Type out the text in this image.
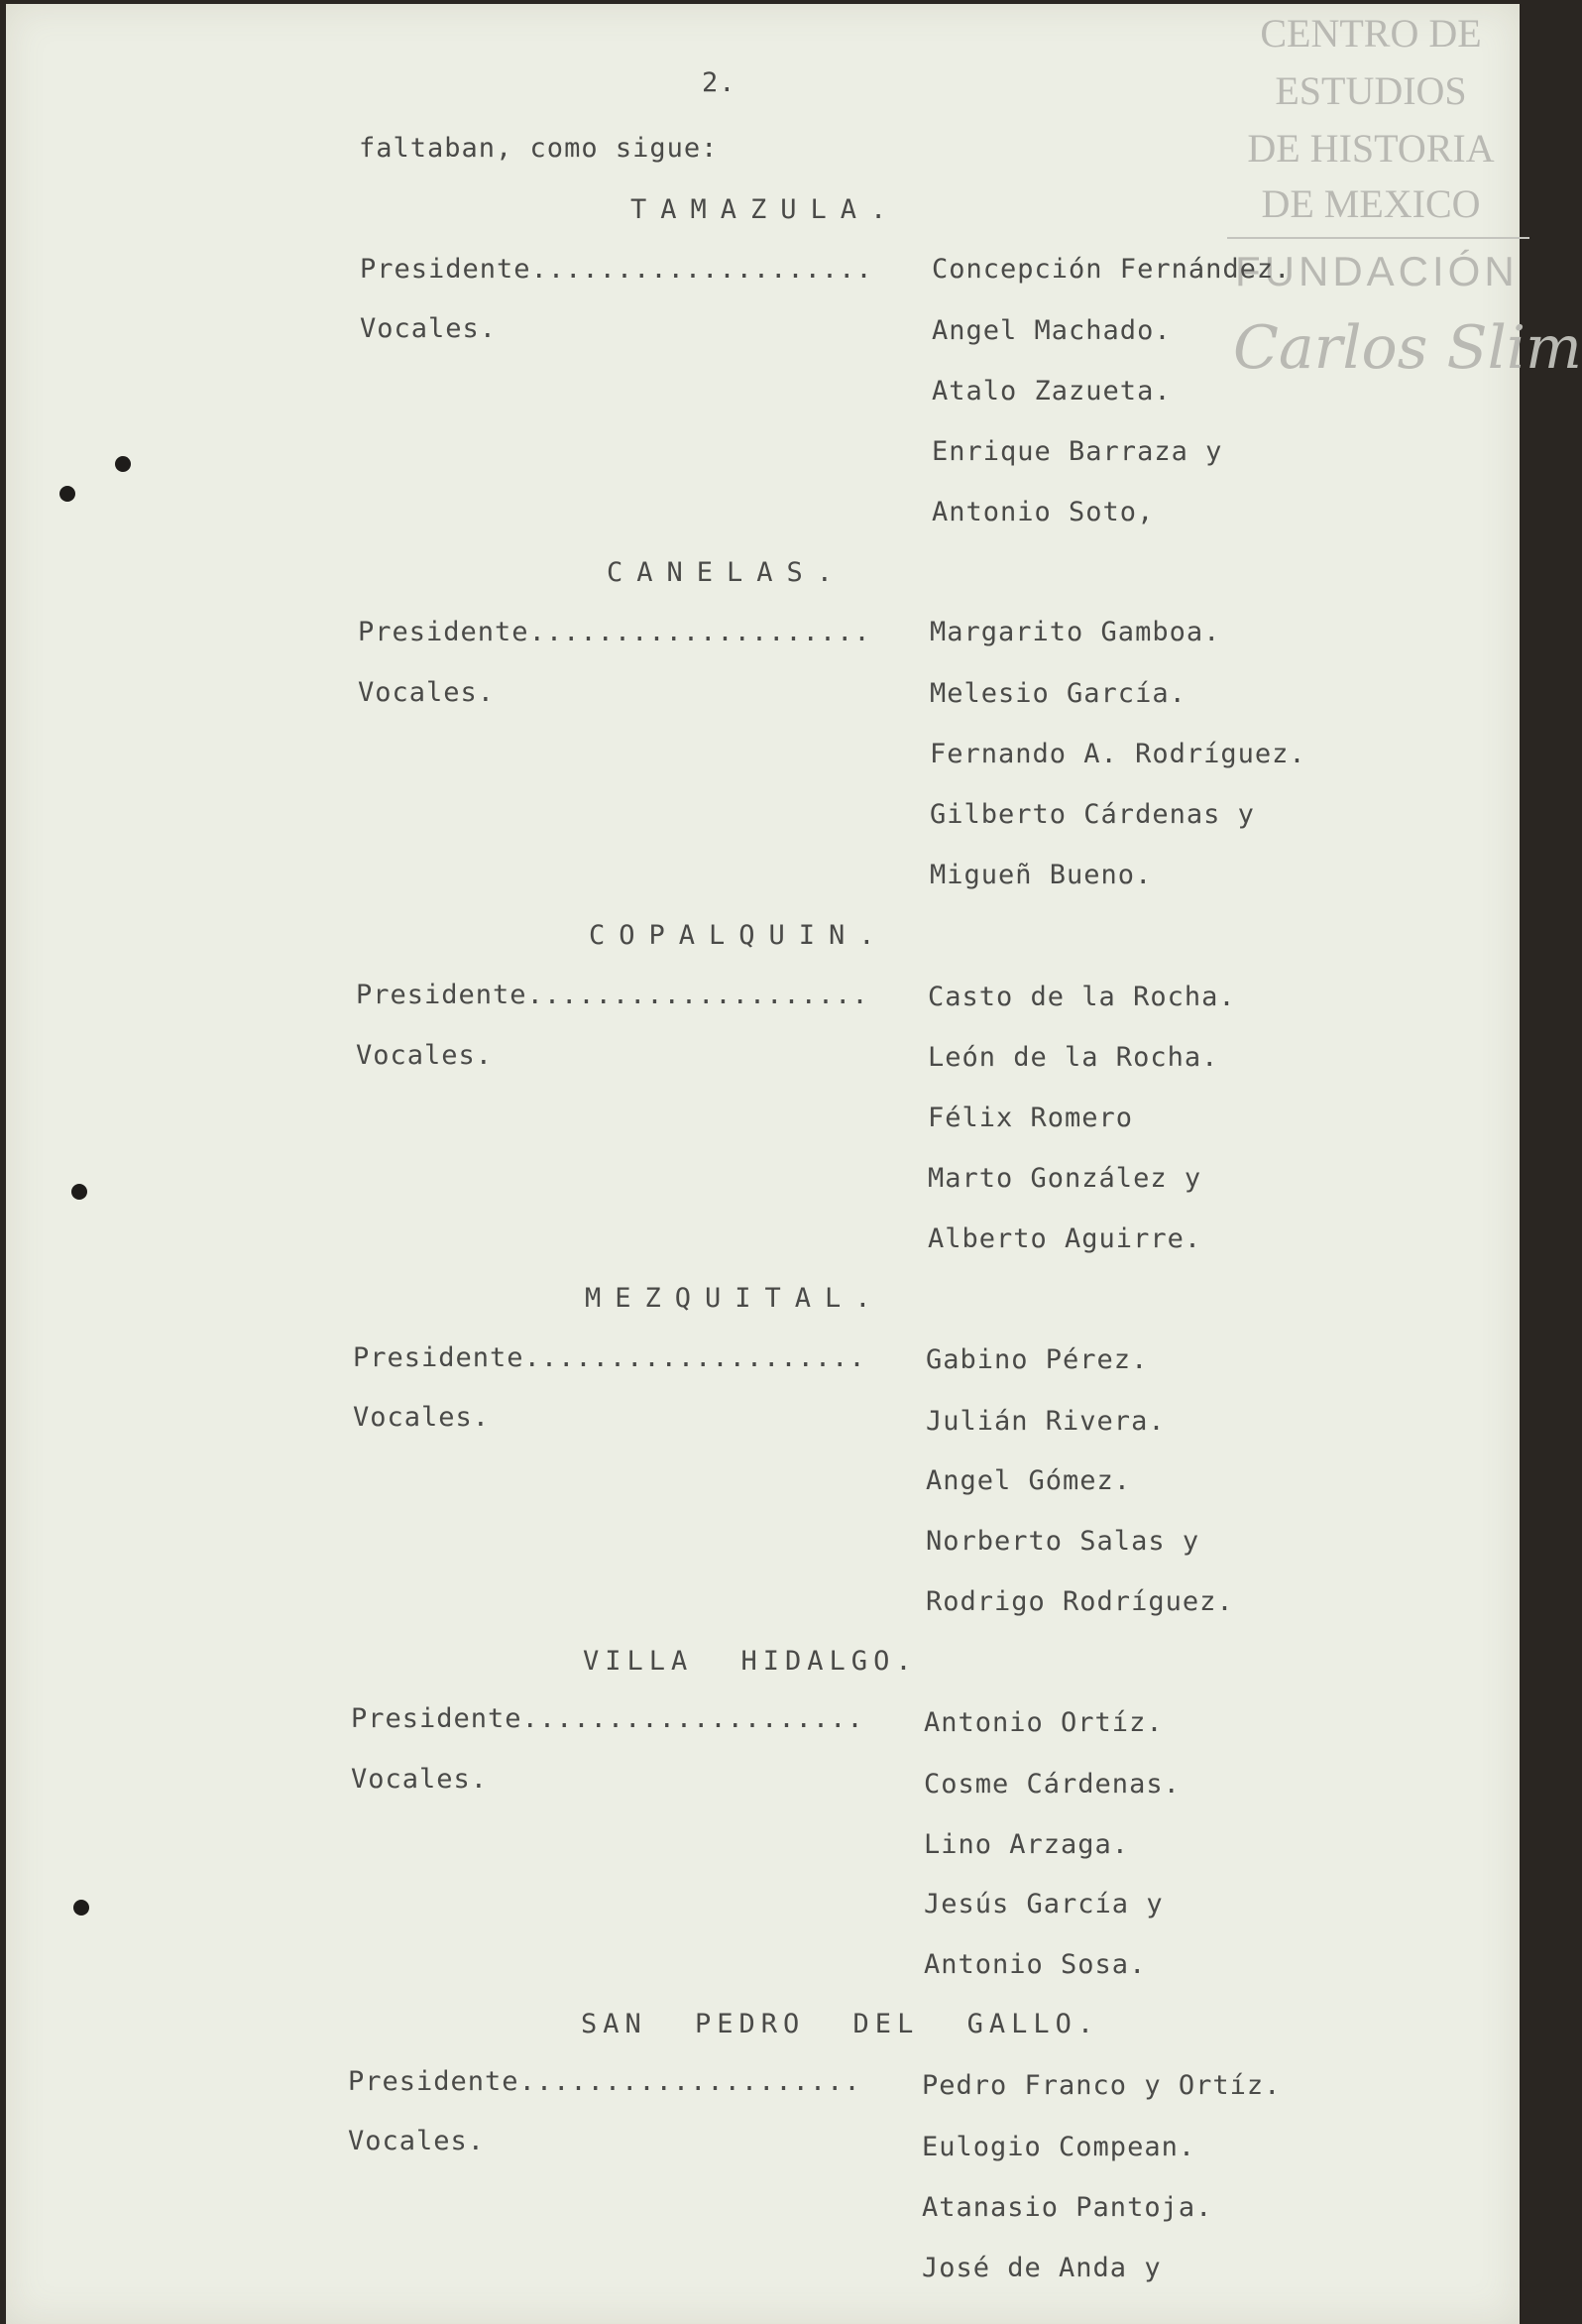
CENTRO DE
ESTUDIOS
DE HISTORIA
DE MEXICO
FUNDACIÓN
Carlos Slim
2.
faltaban, como sigue:
TAMAZULA.
Presidente.................... Concepción Fernández.
Vocales.	Angel Machado.
Atalo Zazueta.
Enrique Barraza y
Antonio Soto,
CANELAS.
Presidente.................... Margarito Gamboa.
Vocales.	Melesio García.
Fernando A. Rodríguez.
Gilberto Cárdenas y
Migueñ Bueno.
COPALQUIN.
Presidente.................... Casto de la Rocha.
Vocales.	León de la Rocha.
Félix Romero
Marto González y
Alberto Aguirre.
MEZQUITAL.
Presidente.................... Gabino Pérez.
Vocales.	Julián Rivera.
Angel Gómez.
Norberto Salas y
Rodrigo Rodríguez.
VILLA HIDALGO.
Presidente.................... Antonio Ortíz.
Vocales.	Cosme Cárdenas.
Lino Arzaga.
Jesús García y
Antonio Sosa.
SAN PEDRO DEL GALLO.
Presidente.................... Pedro Franco y Ortíz.
Vocales.	Eulogio Compean.
Atanasio Pantoja.
José de Anda y
